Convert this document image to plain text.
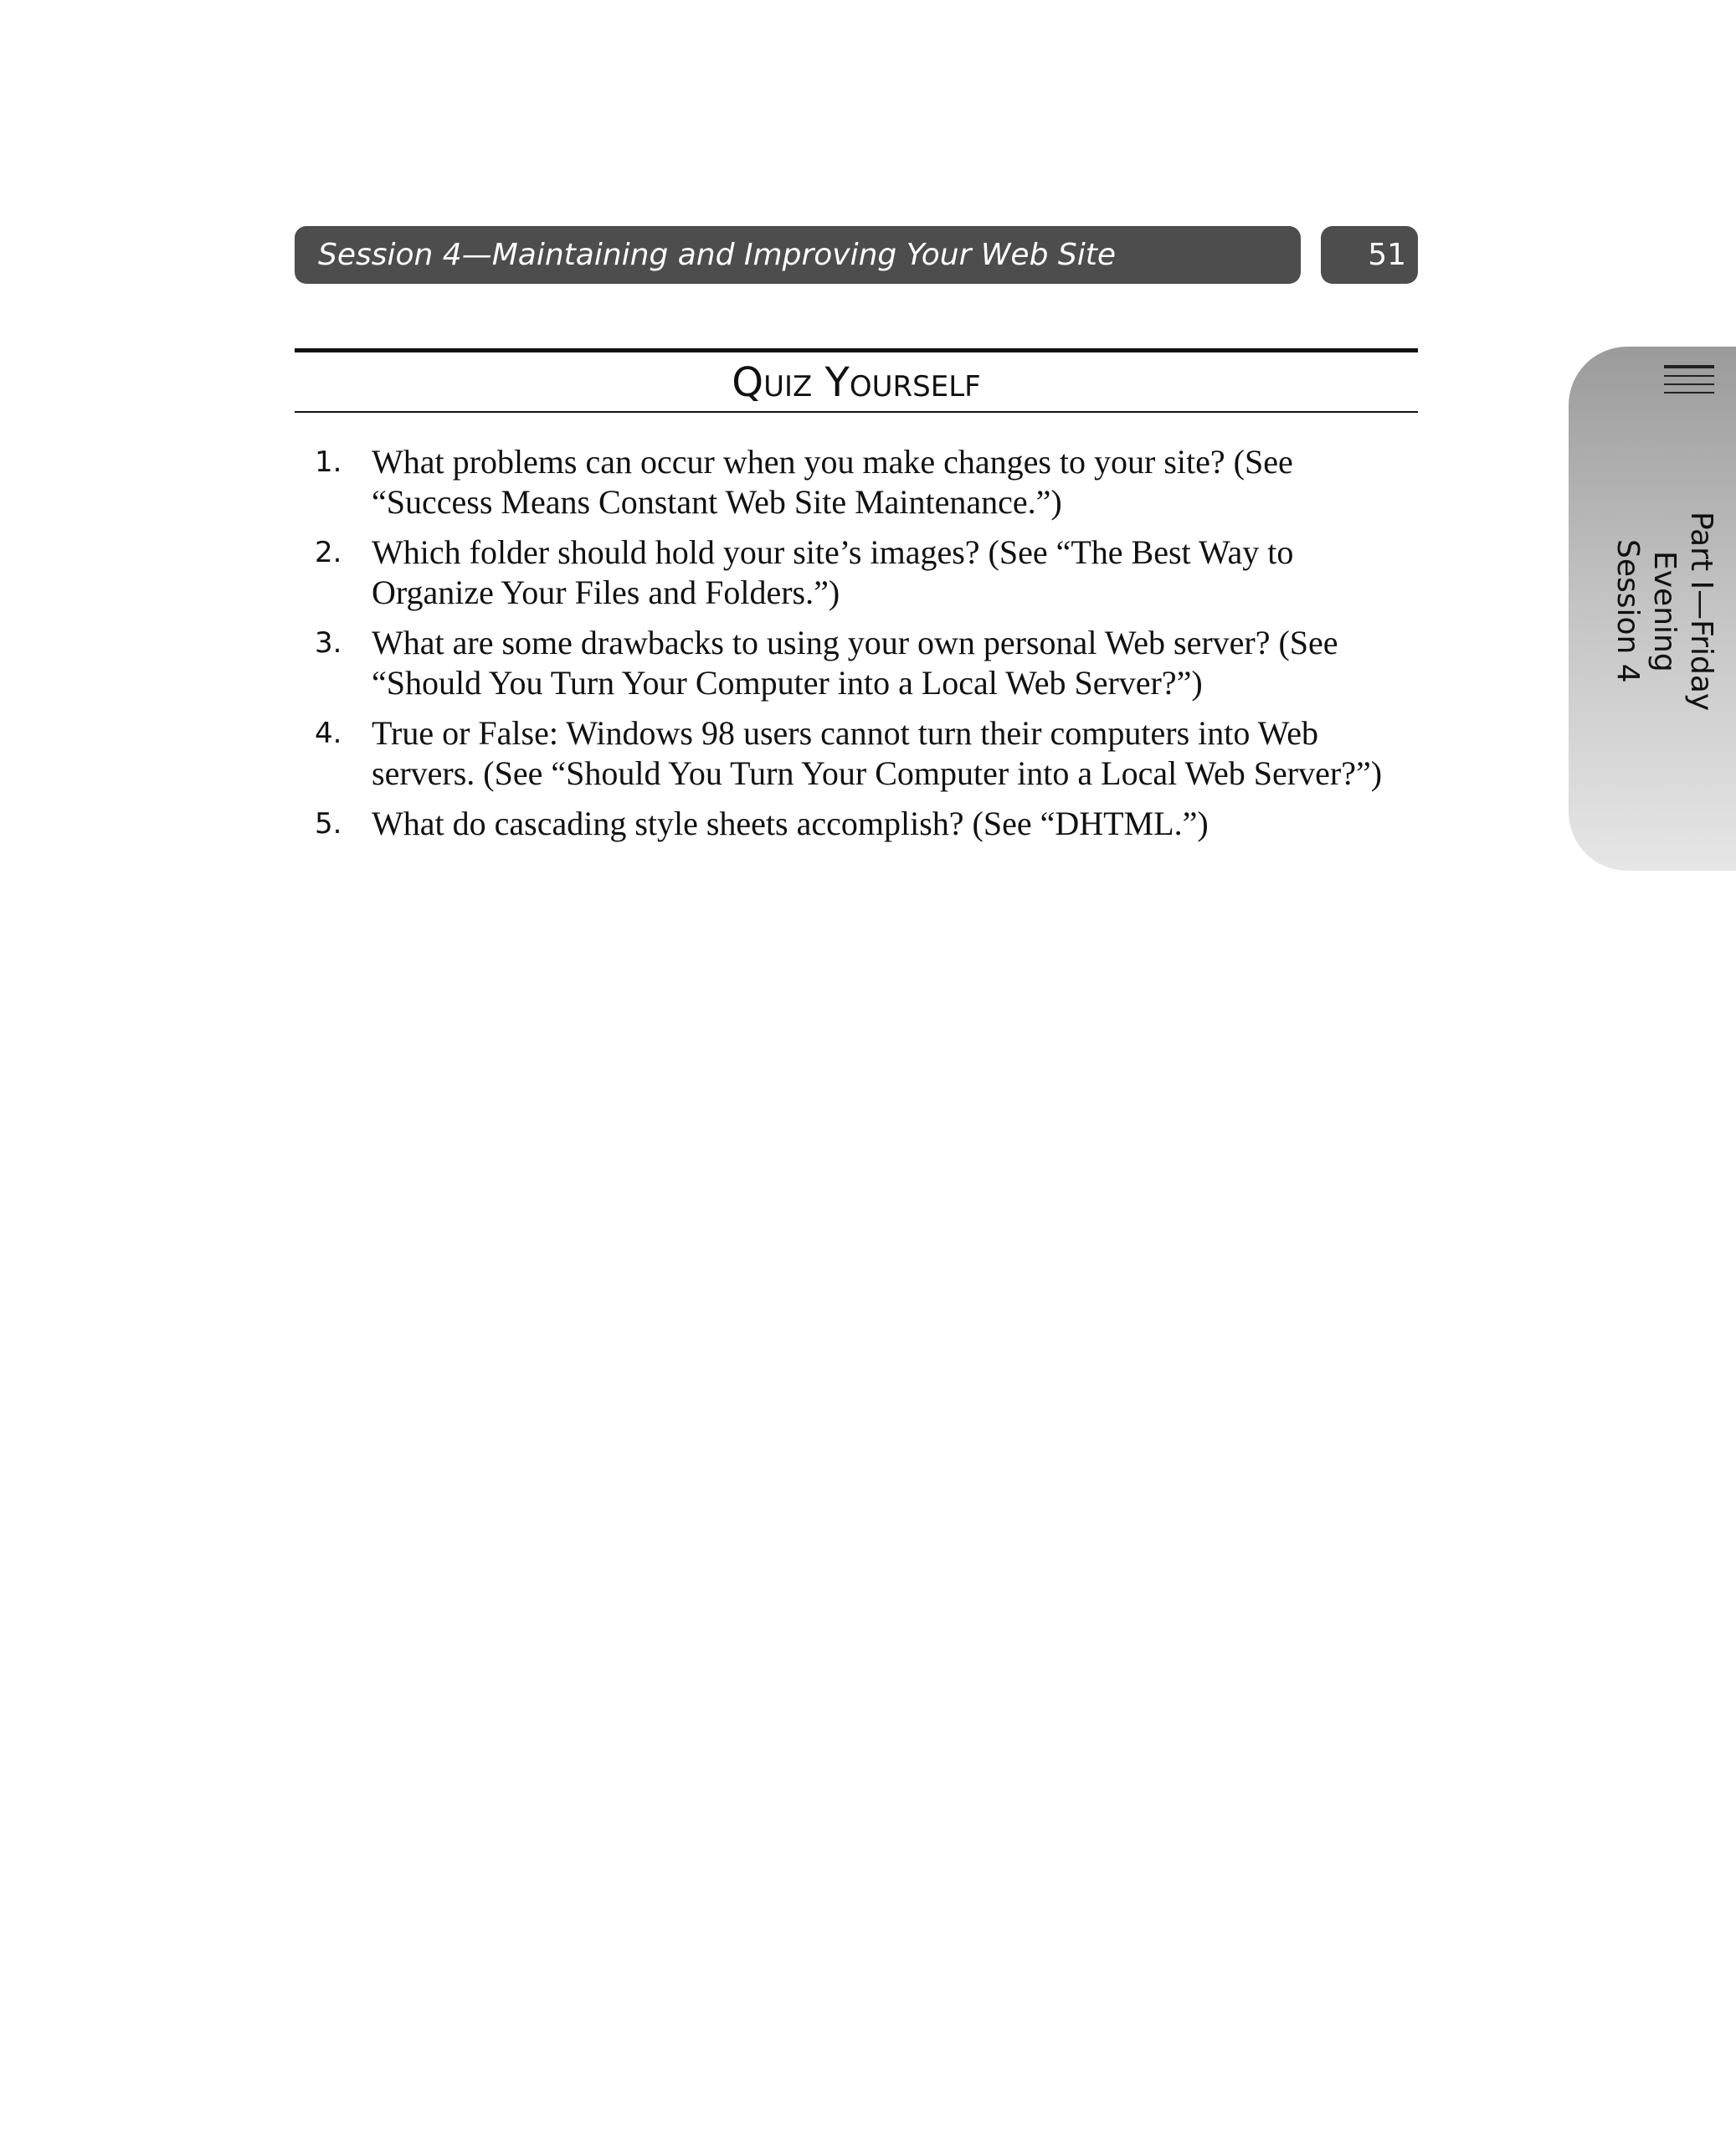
Session 4—Maintaining and Improving Your Web Site	51
Quiz Yourself
1. What problems can occur when you make changes to your site? (See “Success Means Constant Web Site Maintenance.”)
2. Which folder should hold your site’s images? (See “The Best Way to Organize Your Files and Folders.”)
3. What are some drawbacks to using your own personal Web server? (See “Should You Turn Your Computer into a Local Web Server?”)
4. True or False: Windows 98 users cannot turn their computers into Web servers. (See “Should You Turn Your Computer into a Local Web Server?”)
5. What do cascading style sheets accomplish? (See “DHTML.”)
Part I—Friday Evening
Session 4
